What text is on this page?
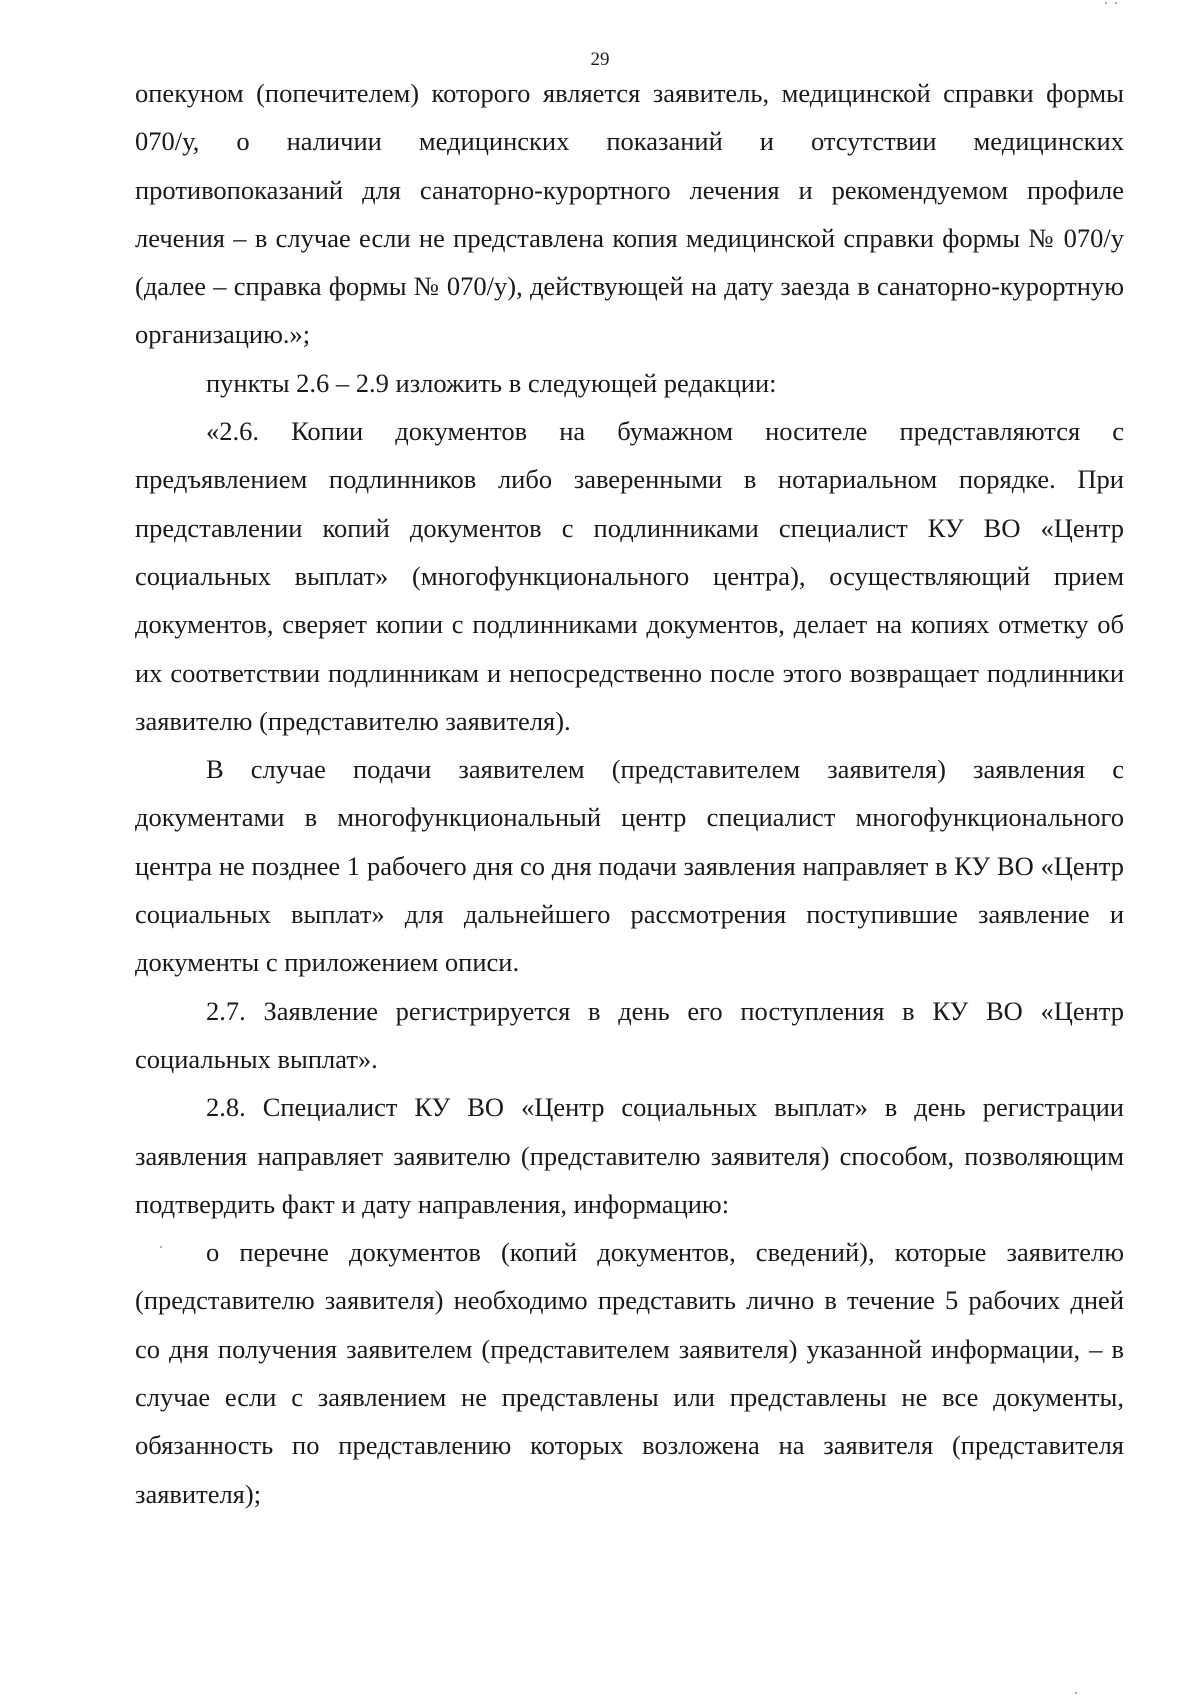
29

опекуном (попечителем) которого является заявитель, медицинской справки формы 070/у, о наличии медицинских показаний и отсутствии медицинских противопоказаний для санаторно-курортного лечения и рекомендуемом профиле лечения – в случае если не представлена копия медицинской справки формы № 070/у (далее – справка формы № 070/у), действующей на дату заезда в санаторно-курортную организацию.»;

пункты 2.6 – 2.9 изложить в следующей редакции:

«2.6. Копии документов на бумажном носителе представляются с предъявлением подлинников либо заверенными в нотариальном порядке. При представлении копий документов с подлинниками специалист КУ ВО «Центр социальных выплат» (многофункционального центра), осуществляющий прием документов, сверяет копии с подлинниками документов, делает на копиях отметку об их соответствии подлинникам и непосредственно после этого возвращает подлинники заявителю (представителю заявителя).

В случае подачи заявителем (представителем заявителя) заявления с документами в многофункциональный центр специалист многофункционального центра не позднее 1 рабочего дня со дня подачи заявления направляет в КУ ВО «Центр социальных выплат» для дальнейшего рассмотрения поступившие заявление и документы с приложением описи.

2.7. Заявление регистрируется в день его поступления в КУ ВО «Центр социальных выплат».

2.8. Специалист КУ ВО «Центр социальных выплат» в день регистрации заявления направляет заявителю (представителю заявителя) способом, позволяющим подтвердить факт и дату направления, информацию:

о перечне документов (копий документов, сведений), которые заявителю (представителю заявителя) необходимо представить лично в течение 5 рабочих дней со дня получения заявителем (представителем заявителя) указанной информации, – в случае если с заявлением не представлены или представлены не все документы, обязанность по представлению которых возложена на заявителя (представителя заявителя);
